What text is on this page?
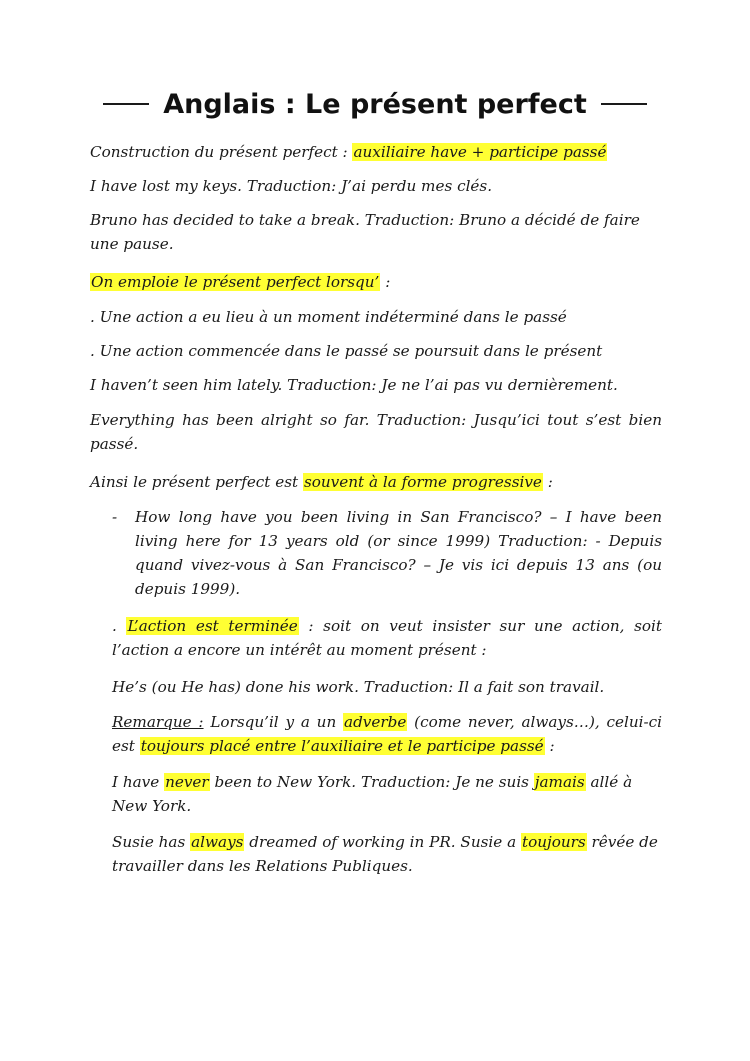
Anglais : Le présent perfect

Construction du présent perfect : auxiliaire have + participe passé

I have lost my keys. Traduction: J’ai perdu mes clés.

Bruno has decided to take a break. Traduction: Bruno a décidé de faire une pause.

On emploie le présent perfect lorsqu’ :

. Une action a eu lieu à un moment indéterminé dans le passé

. Une action commencée dans le passé se poursuit dans le présent

I haven’t seen him lately. Traduction: Je ne l’ai pas vu dernièrement.

Everything has been alright so far. Traduction: Jusqu’ici tout s’est bien passé.

Ainsi le présent perfect est souvent à la forme progressive :

-	How long have you been living in San Francisco? – I have been living here for 13 years old (or since 1999) Traduction: - Depuis quand vivez-vous à San Francisco? – Je vis ici depuis 13 ans (ou depuis 1999).

. L’action est terminée : soit on veut insister sur une action, soit l’action a encore un intérêt au moment présent :

He’s (ou He has) done his work. Traduction: Il a fait son travail.

Remarque : Lorsqu’il y a un adverbe (come never, always…), celui-ci est toujours placé entre l’auxiliaire et le participe passé :

I have never been to New York. Traduction: Je ne suis jamais allé à New York.

Susie has always dreamed of working in PR. Susie a toujours rêvée de travailler dans les Relations Publiques.
